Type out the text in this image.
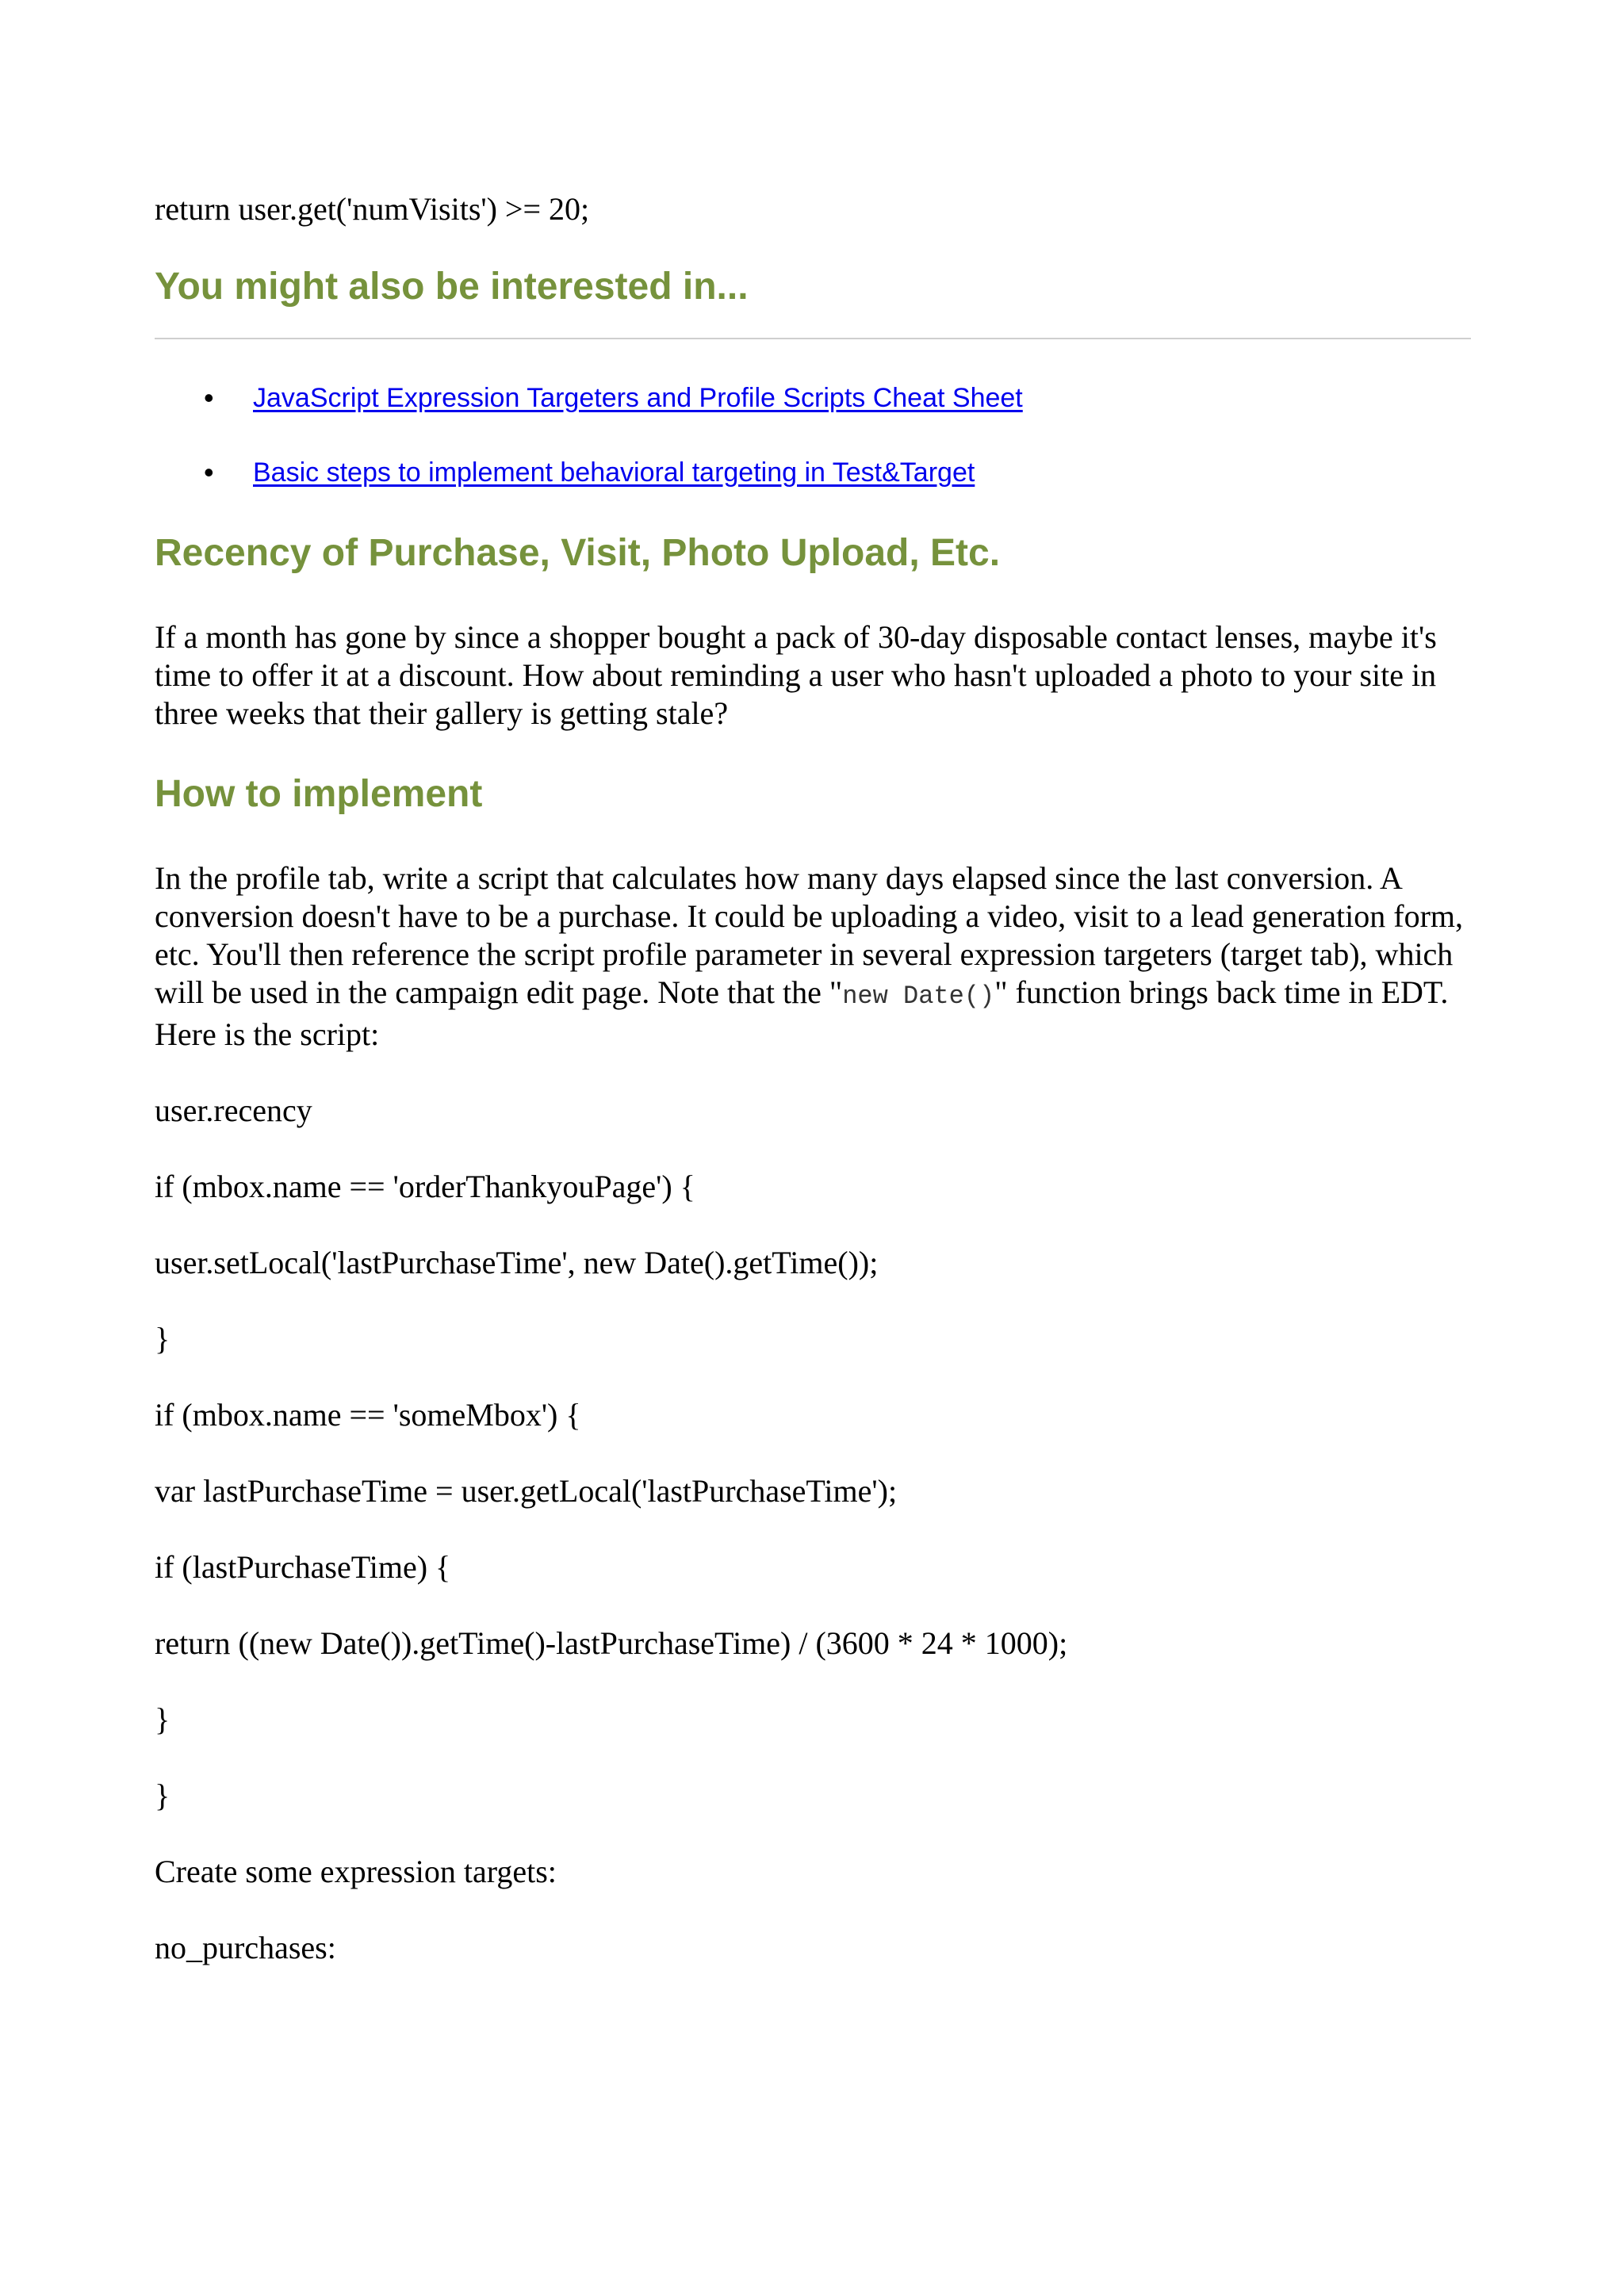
return user.get('numVisits') >= 20;

You might also be interested in...
• JavaScript Expression Targeters and Profile Scripts Cheat Sheet
• Basic steps to implement behavioral targeting in Test&Target
Recency of Purchase, Visit, Photo Upload, Etc.

If a month has gone by since a shopper bought a pack of 30-day disposable contact lenses, maybe it's time to offer it at a discount. How about reminding a user who hasn't uploaded a photo to your site in three weeks that their gallery is getting stale?

How to implement

In the profile tab, write a script that calculates how many days elapsed since the last conversion. A conversion doesn't have to be a purchase. It could be uploading a video, visit to a lead generation form, etc. You'll then reference the script profile parameter in several expression targeters (target tab), which will be used in the campaign edit page. Note that the "new Date()" function brings back time in EDT. Here is the script:

user.recency

if (mbox.name == 'orderThankyouPage') {

user.setLocal('lastPurchaseTime', new Date().getTime());

}

if (mbox.name == 'someMbox') {

var lastPurchaseTime = user.getLocal('lastPurchaseTime');

if (lastPurchaseTime) {

return ((new Date()).getTime()-lastPurchaseTime) / (3600 * 24 * 1000);

}

}

Create some expression targets:

no_purchases:
